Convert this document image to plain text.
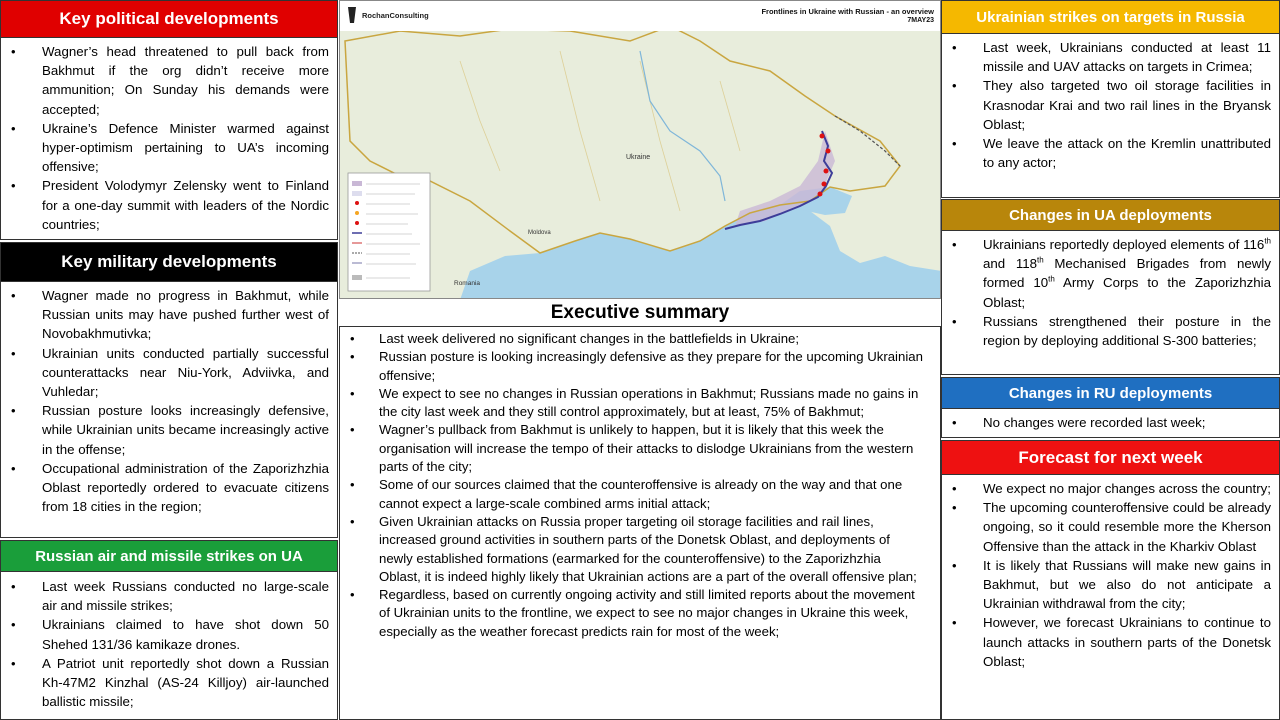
Key political developments
• Wagner’s head threatened to pull back from Bakhmut if the org didn’t receive more ammunition; On Sunday his demands were accepted;
• Ukraine’s Defence Minister warmed against hyper-optimism pertaining to UA’s incoming offensive;
• President Volodymyr Zelensky went to Finland for a one-day summit with leaders of the Nordic countries;
Key military developments
• Wagner made no progress in Bakhmut, while Russian units may have pushed further west of Novobakhmutivka;
• Ukrainian units conducted partially successful counterattacks near Niu-York, Adviivka, and Vuhledar;
• Russian posture looks increasingly defensive, while Ukrainian units became increasingly active in the offense;
• Occupational administration of the Zaporizhzhia Oblast reportedly ordered to evacuate citizens from 18 cities in the region;
Russian air and missile strikes on UA
• Last week Russians conducted no large-scale air and missile strikes;
• Ukrainians claimed to have shot down 50 Shehed 131/36 kamikaze drones.
• A Patriot unit reportedly shot down a Russian Kh-47M2 Kinzhal (AS-24 Killjoy) air-launched ballistic missile;
RochanConsulting	Frontlines in Ukraine with Russian - an overview
7MAY23
Ukraine
Moldova
Romania
Executive summary
• Last week delivered no significant changes in the battlefields in Ukraine;
• Russian posture is looking increasingly defensive as they prepare for the upcoming Ukrainian offensive;
• We expect to see no changes in Russian operations in Bakhmut; Russians made no gains in the city last week and they still control approximately, but at least, 75% of Bakhmut;
• Wagner’s pullback from Bakhmut is unlikely to happen, but it is likely that this week the organisation will increase the tempo of their attacks to dislodge Ukrainians from the western parts of the city;
• Some of our sources claimed that the counteroffensive is already on the way and that one cannot expect a large-scale combined arms initial attack;
• Given Ukrainian attacks on Russia proper targeting oil storage facilities and rail lines, increased ground activities in southern parts of the Donetsk Oblast, and deployments of newly established formations (earmarked for the counteroffensive) to the Zaporizhzhia Oblast, it is indeed highly likely that Ukrainian actions are a part of the overall offensive plan;
• Regardless, based on currently ongoing activity and still limited reports about the movement of Ukrainian units to the frontline, we expect to see no major changes in Ukraine this week, especially as the weather forecast predicts rain for most of the week;
Ukrainian strikes on targets in Russia
• Last week, Ukrainians conducted at least 11 missile and UAV attacks on targets in Crimea;
• They also targeted two oil storage facilities in Krasnodar Krai and two rail lines in the Bryansk Oblast;
• We leave the attack on the Kremlin unattributed to any actor;
Changes in UA deployments
• Ukrainians reportedly deployed elements of 116th and 118th Mechanised Brigades from newly formed 10th Army Corps to the Zaporizhzhia Oblast;
• Russians strengthened their posture in the region by deploying additional S-300 batteries;
Changes in RU deployments
• No changes were recorded last week;
Forecast for next week
• We expect no major changes across the country;
• The upcoming counteroffensive could be already ongoing, so it could resemble more the Kherson Offensive than the attack in the Kharkiv Oblast
• It is likely that Russians will make new gains in Bakhmut, but we also do not anticipate a Ukrainian withdrawal from the city;
• However, we forecast Ukrainians to continue to launch attacks in southern parts of the Donetsk Oblast;
